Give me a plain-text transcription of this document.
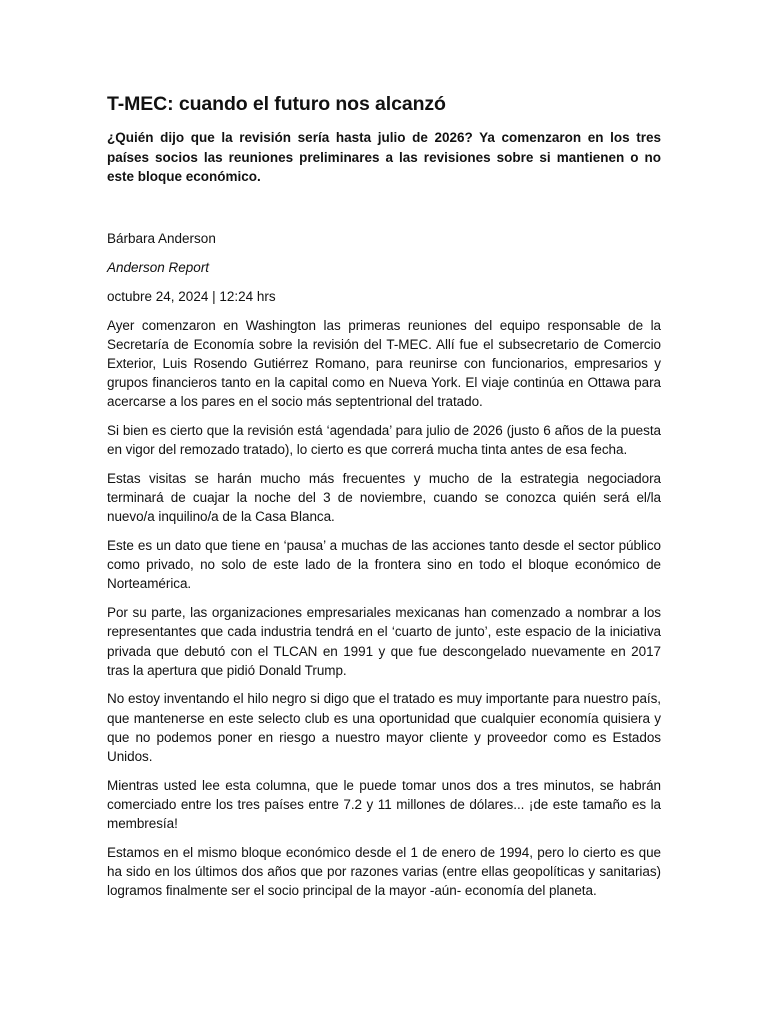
T-MEC: cuando el futuro nos alcanzó

¿Quién dijo que la revisión sería hasta julio de 2026? Ya comenzaron en los tres países socios las reuniones preliminares a las revisiones sobre si mantienen o no este bloque económico.

Bárbara Anderson

Anderson Report

octubre 24, 2024 | 12:24 hrs

Ayer comenzaron en Washington las primeras reuniones del equipo responsable de la Secretaría de Economía sobre la revisión del T-MEC. Allí fue el subsecretario de Comercio Exterior, Luis Rosendo Gutiérrez Romano, para reunirse con funcionarios, empresarios y grupos financieros tanto en la capital como en Nueva York. El viaje continúa en Ottawa para acercarse a los pares en el socio más septentrional del tratado.

Si bien es cierto que la revisión está ‘agendada’ para julio de 2026 (justo 6 años de la puesta en vigor del remozado tratado), lo cierto es que correrá mucha tinta antes de esa fecha.

Estas visitas se harán mucho más frecuentes y mucho de la estrategia negociadora terminará de cuajar la noche del 3 de noviembre, cuando se conozca quién será el/la nuevo/a inquilino/a de la Casa Blanca.

Este es un dato que tiene en ‘pausa’ a muchas de las acciones tanto desde el sector público como privado, no solo de este lado de la frontera sino en todo el bloque económico de Norteamérica.

Por su parte, las organizaciones empresariales mexicanas han comenzado a nombrar a los representantes que cada industria tendrá en el ‘cuarto de junto’, este espacio de la iniciativa privada que debutó con el TLCAN en 1991 y que fue descongelado nuevamente en 2017 tras la apertura que pidió Donald Trump.

No estoy inventando el hilo negro si digo que el tratado es muy importante para nuestro país, que mantenerse en este selecto club es una oportunidad que cualquier economía quisiera y que no podemos poner en riesgo a nuestro mayor cliente y proveedor como es Estados Unidos.

Mientras usted lee esta columna, que le puede tomar unos dos a tres minutos, se habrán comerciado entre los tres países entre 7.2 y 11 millones de dólares... ¡de este tamaño es la membresía!

Estamos en el mismo bloque económico desde el 1 de enero de 1994, pero lo cierto es que ha sido en los últimos dos años que por razones varias (entre ellas geopolíticas y sanitarias) logramos finalmente ser el socio principal de la mayor -aún- economía del planeta.
